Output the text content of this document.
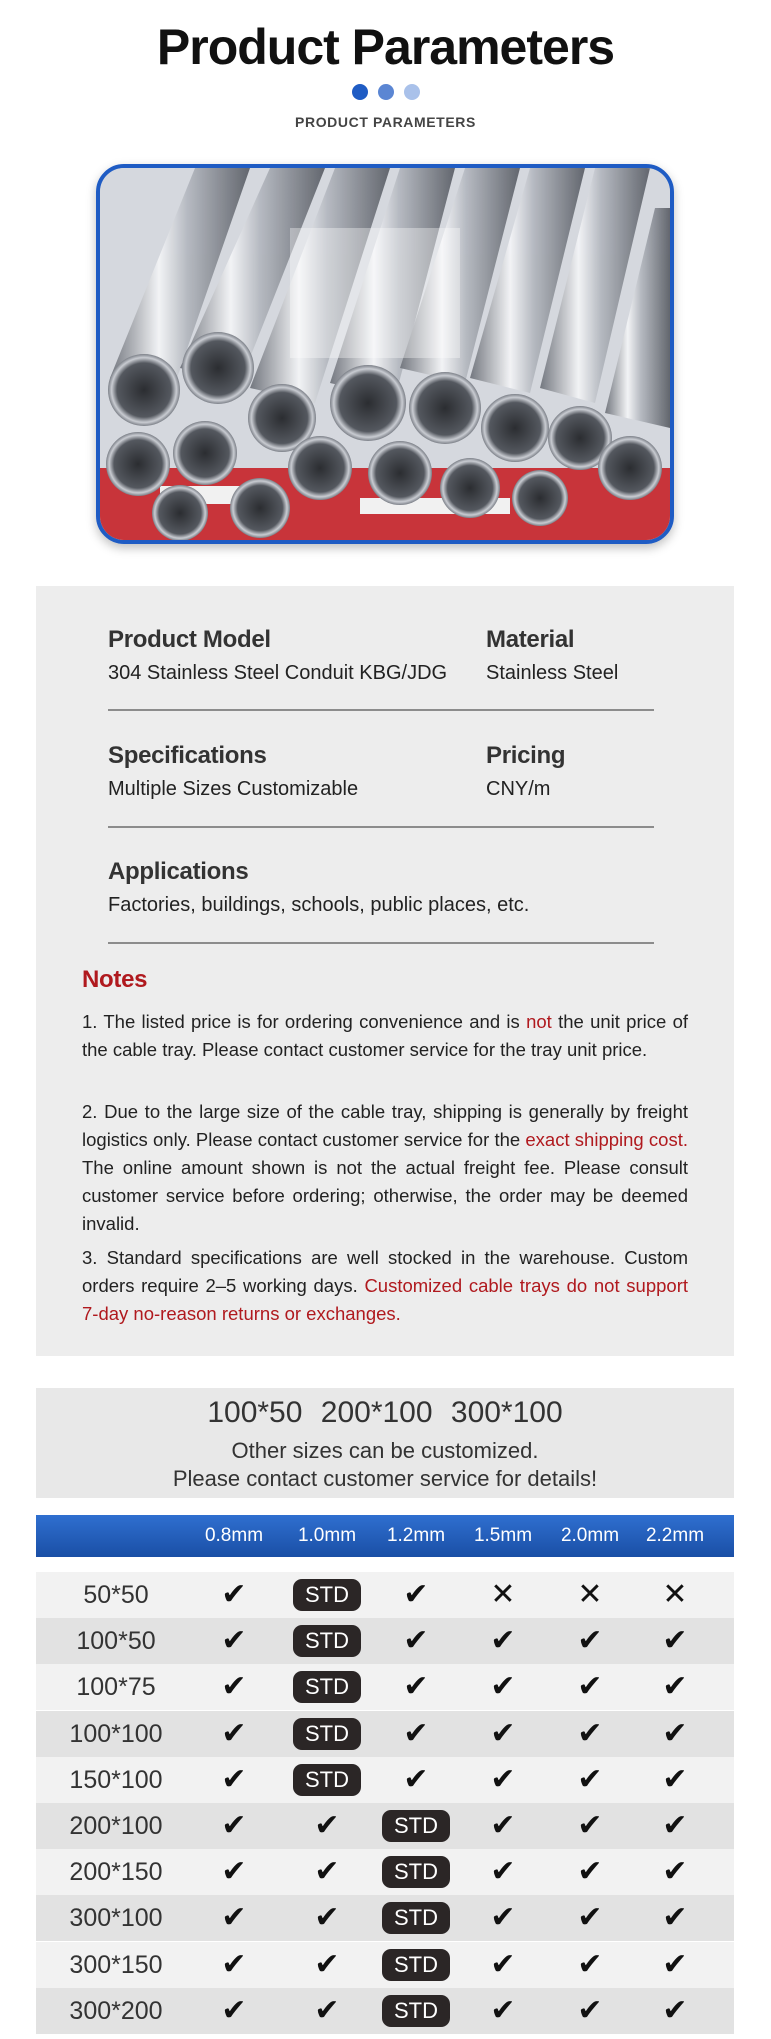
Product Parameters
PRODUCT PARAMETERS
Product Model
304 Stainless Steel Conduit KBG/JDG
Material
Stainless Steel
Specifications
Multiple Sizes Customizable
Pricing
CNY/m
Applications
Factories, buildings, schools, public places, etc.
Notes

1. The listed price is for ordering convenience and is not the unit price of the cable tray. Please contact customer service for the tray unit price.

2. Due to the large size of the cable tray, shipping is generally by freight logistics only. Please contact customer service for the exact shipping cost. The online amount shown is not the actual freight fee. Please consult customer service before ordering; otherwise, the order may be deemed invalid.

3. Standard specifications are well stocked in the warehouse. Custom orders require 2–5 working days. Customized cable trays do not support 7-day no-reason returns or exchanges.

100*50 200*100 300*100
Other sizes can be customized.
Please contact customer service for details!
0.8mm	1.0mm	1.2mm	1.5mm	2.0mm	2.2mm
50*50	✔	STD	✔ ✕ ✕ ✕
100*50	✔	STD	✔ ✔ ✔ ✔
100*75	✔	STD	✔ ✔ ✔ ✔
100*100	✔	STD	✔ ✔ ✔ ✔
150*100	✔	STD	✔ ✔ ✔ ✔
200*100	✔ ✔	STD	✔ ✔ ✔
200*150	✔ ✔	STD	✔ ✔ ✔
300*100	✔ ✔	STD	✔ ✔ ✔
300*150	✔ ✔	STD	✔ ✔ ✔
300*200	✔ ✔	STD	✔ ✔ ✔
